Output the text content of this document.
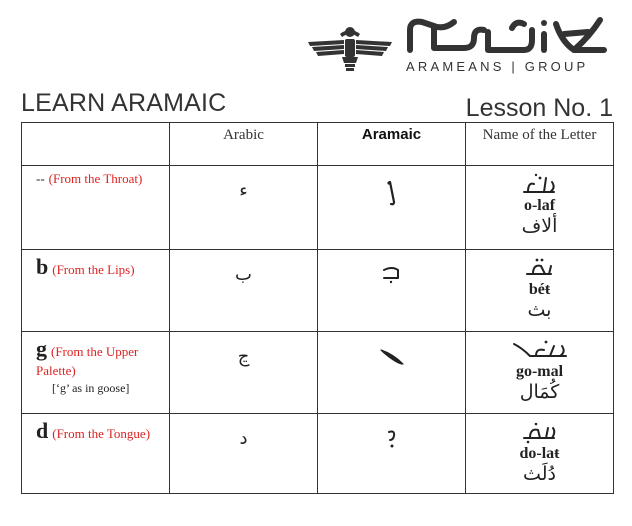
ARAMEANS | GROUP
LEARN ARAMAIC	Lesson No. 1
	Arabic	Aramaic	Name of the Letter
-- (From the Throat)	ء		o-laf
ألاف

b (From the Lips)	ب		béŧ
بث

g (From the Upper Palette)
[‘g’ as in goose]	ڃ		go-mal
كُمَال

d (From the Tongue)	د		do-laŧ
دُلَث
